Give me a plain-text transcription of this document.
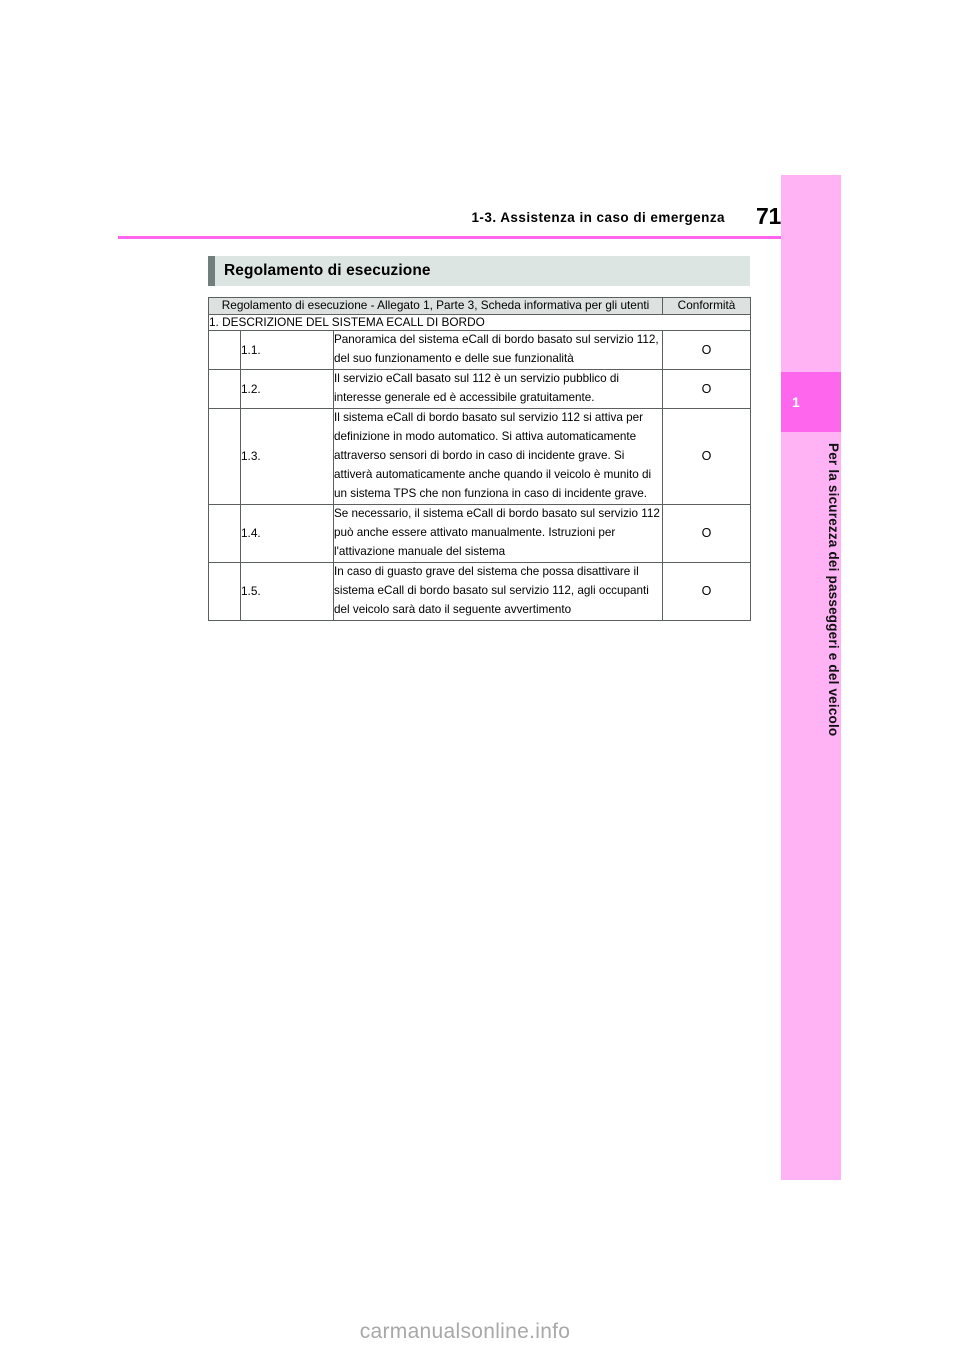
1
Per la sicurezza dei passeggeri e del veicolo
1-3. Assistenza in caso di emergenza 71
Regolamento di esecuzione
Regolamento di esecuzione - Allegato 1, Parte 3, Scheda informativa per gli utenti			Conformità
1. DESCRIZIONE DEL SISTEMA ECALL DI BORDO			
	1.1.	Panoramica del sistema eCall di bordo basato sul servizio 112, del suo funzionamento e delle sue funzionalità	O
	1.2.	Il servizio eCall basato sul 112 è un servizio pubblico di interesse generale ed è accessibile gratuitamente.	O
	1.3.	Il sistema eCall di bordo basato sul servizio 112 si attiva per definizione in modo automatico. Si attiva automaticamente attraverso sensori di bordo in caso di incidente grave. Si attiverà automaticamente anche quando il veicolo è munito di un sistema TPS che non funziona in caso di incidente grave.	O
	1.4.	Se necessario, il sistema eCall di bordo basato sul servizio 112 può anche essere attivato manualmente. Istruzioni per l'attivazione manuale del sistema	O
	1.5.	In caso di guasto grave del sistema che possa disattivare il sistema eCall di bordo basato sul servizio 112, agli occupanti del veicolo sarà dato il seguente avvertimento	O
carmanualsonline.info
